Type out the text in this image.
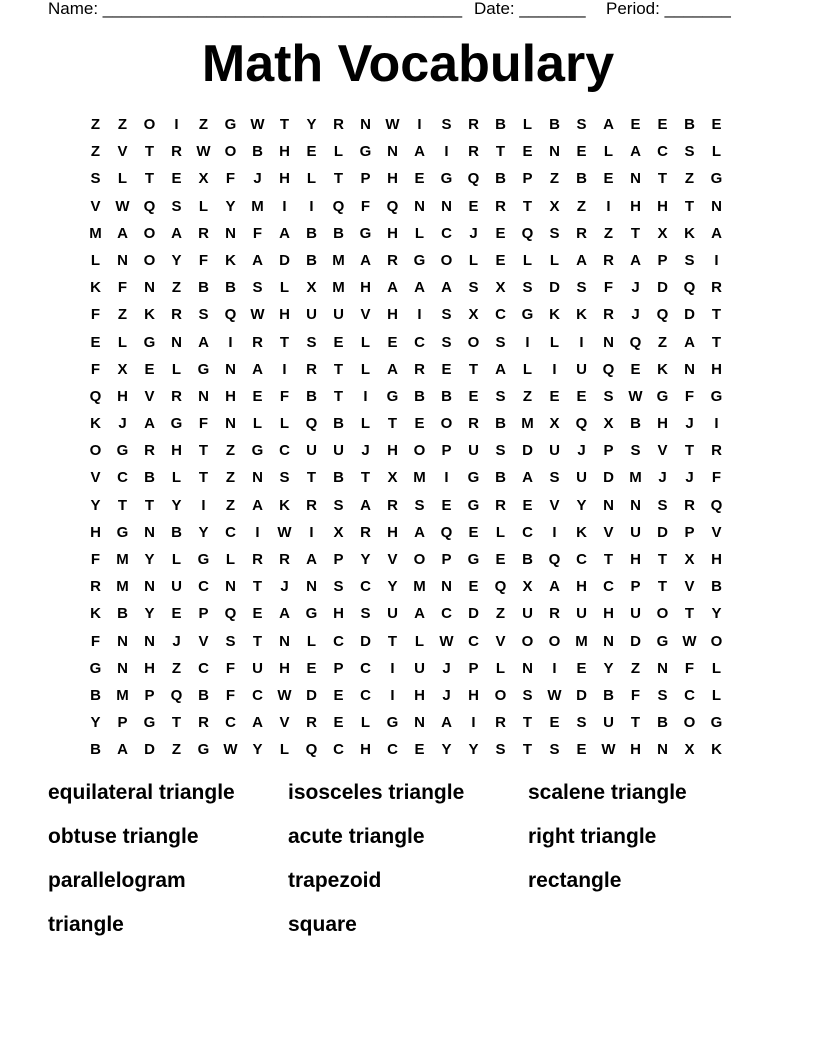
Name: ______________________________________ Date: _______ Period: _______
Math Vocabulary
Z	Z	O	I	Z	G W	T	Y	R	N W	I	S	R	B	L	B	S	A	E	E	B	E
Z	V	T	R W O	B	H	E	L	G	N	A	I	R	T	E	N	E	L	A	C	S	L
S	L	T	E	X	F	J	H	L	T	P	H	E	G	Q	B	P	Z	B	E	N	T	Z	G
V W Q	S	L	Y	M	I	I	Q	F	Q	N	N	E	R	T	X	Z	I	H	H	T	N
M	A	O	A	R	N	F	A	B	B	G	H	L	C	J	E	Q	S	R	Z	T	X	K	A
L	N	O	Y	F	K	A	D	B	M	A	R	G	O	L	E	L	L	A	R	A	P	S	I
K	F	N	Z	B	B	S	L	X	M	H	A	A	A	S	X	S	D	S	F	J	D	Q	R
F	Z	K	R	S	Q W H	U	U	V	H	I	S	X	C	G	K	K	R	J	Q	D	T
E	L	G	N	A	I	R	T	S	E	L	E	C	S	O	S	I	L	I	N	Q	Z	A	T
F	X	E	L	G	N	A	I	R	T	L	A	R	E	T	A	L	I	U	Q	E	K	N	H
Q	H	V	R	N	H	E	F	B	T	I	G	B	B	E	S	Z	E	E	S W G	F	G
K	J	A	G	F	N	L	L	Q	B	L	T	E	O	R	B	M	X	Q	X	B	H	J	I
O	G	R	H	T	Z	G	C	U	U	J	H	O	P	U	S	D	U	J	P	S	V	T	R
V	C	B	L	T	Z	N	S	T	B	T	X	M	I	G	B	A	S	U	D	M	J	J	F
Y	T	T	Y	I	Z	A	K	R	S	A	R	S	E	G	R	E	V	Y	N	N	S	R	Q
H	G	N	B	Y	C	I	W	I	X	R	H	A	Q	E	L	C	I	K	V	U	D	P	V
F	M	Y	L	G	L	R	R	A	P	Y	V	O	P	G	E	B	Q	C	T	H	T	X	H
R	M	N	U	C	N	T	J	N	S	C	Y	M	N	E	Q	X	A	H	C	P	T	V	B
K	B	Y	E	P	Q	E	A	G	H	S	U	A	C	D	Z	U	R	U	H	U	O	T	Y
F	N	N	J	V	S	T	N	L	C	D	T	L	W C	V	O	O M	N	D	G W O
G	N	H	Z	C	F	U	H	E	P	C	I	U	J	P	L	N	I	E	Y	Z	N	F	L
B	M	P	Q	B	F	C W D	E	C	I	H	J	H	O	S W D	B	F	S	C	L
Y	P	G	T	R	C	A	V	R	E	L	G	N	A	I	R	T	E	S	U	T	B	O	G
B	A	D	Z	G W Y	L	Q	C	H	C	E	Y	Y	S	T	S	E W H	N	X	K
equilateral triangle	isosceles triangle	scalene triangle
obtuse triangle	acute triangle	right triangle
parallelogram	trapezoid	rectangle
triangle	square
